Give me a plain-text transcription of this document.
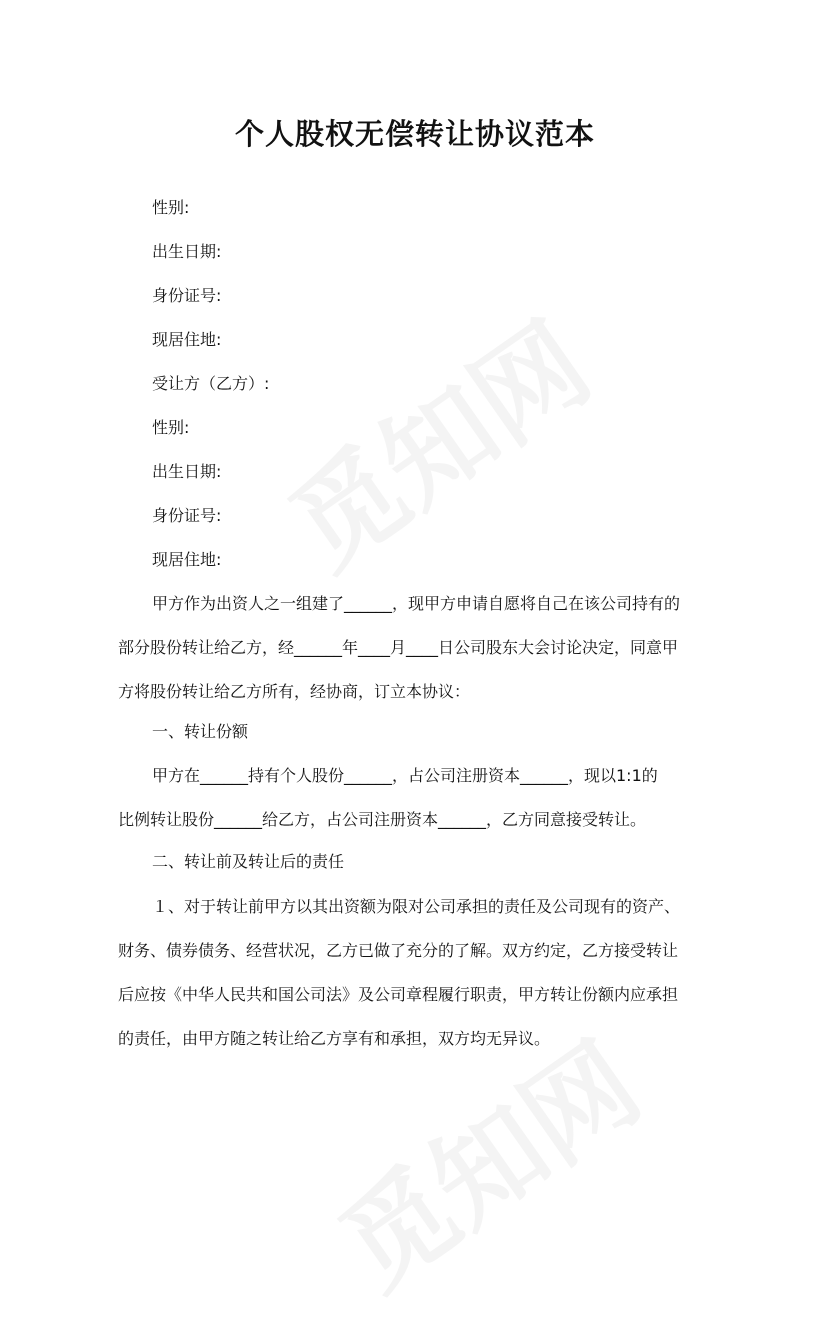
个人股权无偿转让协议范本
性别:
出生日期:
身份证号:
现居住地:
受让方（乙方）:
性别:
出生日期:
身份证号:
现居住地:
甲方作为出资人之一组建了______，现甲方申请自愿将自己在该公司持有的
部分股份转让给乙方，经______年____月____日公司股东大会讨论决定，同意甲
方将股份转让给乙方所有，经协商，订立本协议：
一、转让份额
甲方在______持有个人股份______，占公司注册资本______，现以1:1的
比例转让股份______给乙方，占公司注册资本______，乙方同意接受转让。
二、转让前及转让后的责任
１、对于转让前甲方以其出资额为限对公司承担的责任及公司现有的资产、
财务、债券债务、经营状况，乙方已做了充分的了解。双方约定，乙方接受转让
后应按《中华人民共和国公司法》及公司章程履行职责，甲方转让份额内应承担
的责任，由甲方随之转让给乙方享有和承担，双方均无异议。
